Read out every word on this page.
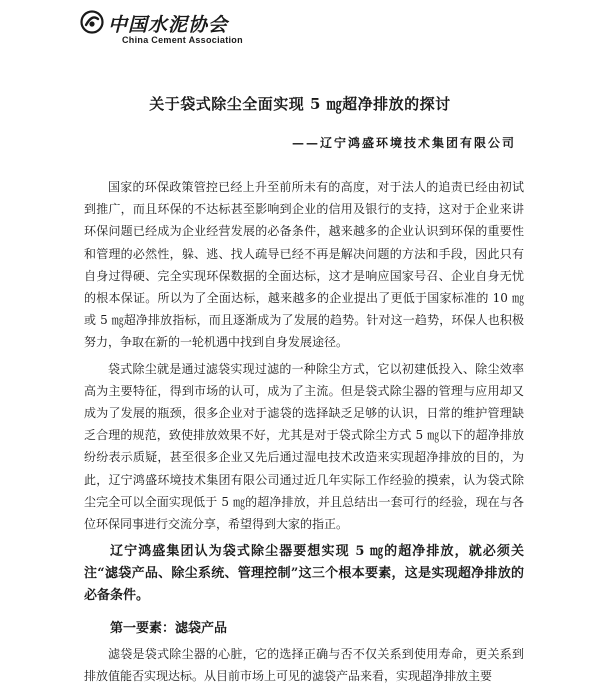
中国水泥协会
China Cement Association
关于袋式除尘全面实现 5 ㎎超净排放的探讨
——辽宁鸿盛环境技术集团有限公司

国家的环保政策管控已经上升至前所未有的高度，对于法人的追责已经由初试到推广，而且环保的不达标甚至影响到企业的信用及银行的支持，这对于企业来讲环保问题已经成为企业经营发展的必备条件，越来越多的企业认识到环保的重要性和管理的必然性，躲、逃、找人疏导已经不再是解决问题的方法和手段，因此只有自身过得硬、完全实现环保数据的全面达标，这才是响应国家号召、企业自身无忧的根本保证。所以为了全面达标，越来越多的企业提出了更低于国家标准的 10 ㎎或 5 ㎎超净排放指标，而且逐渐成为了发展的趋势。针对这一趋势，环保人也积极努力，争取在新的一轮机遇中找到自身发展途径。

袋式除尘就是通过滤袋实现过滤的一种除尘方式，它以初建低投入、除尘效率高为主要特征，得到市场的认可，成为了主流。但是袋式除尘器的管理与应用却又成为了发展的瓶颈，很多企业对于滤袋的选择缺乏足够的认识，日常的维护管理缺乏合理的规范，致使排放效果不好，尤其是对于袋式除尘方式 5 ㎎以下的超净排放纷纷表示质疑，甚至很多企业又先后通过湿电技术改造来实现超净排放的目的，为此，辽宁鸿盛环境技术集团有限公司通过近几年实际工作经验的摸索，认为袋式除尘完全可以全面实现低于 5 ㎎的超净排放，并且总结出一套可行的经验，现在与各位环保同事进行交流分享，希望得到大家的指正。

辽宁鸿盛集团认为袋式除尘器要想实现 5 ㎎的超净排放，就必须关注“滤袋产品、除尘系统、管理控制”这三个根本要素，这是实现超净排放的必备条件。

第一要素：滤袋产品

滤袋是袋式除尘器的心脏，它的选择正确与否不仅关系到使用寿命，更关系到排放值能否实现达标。从目前市场上可见的滤袋产品来看，实现超净排放主要
